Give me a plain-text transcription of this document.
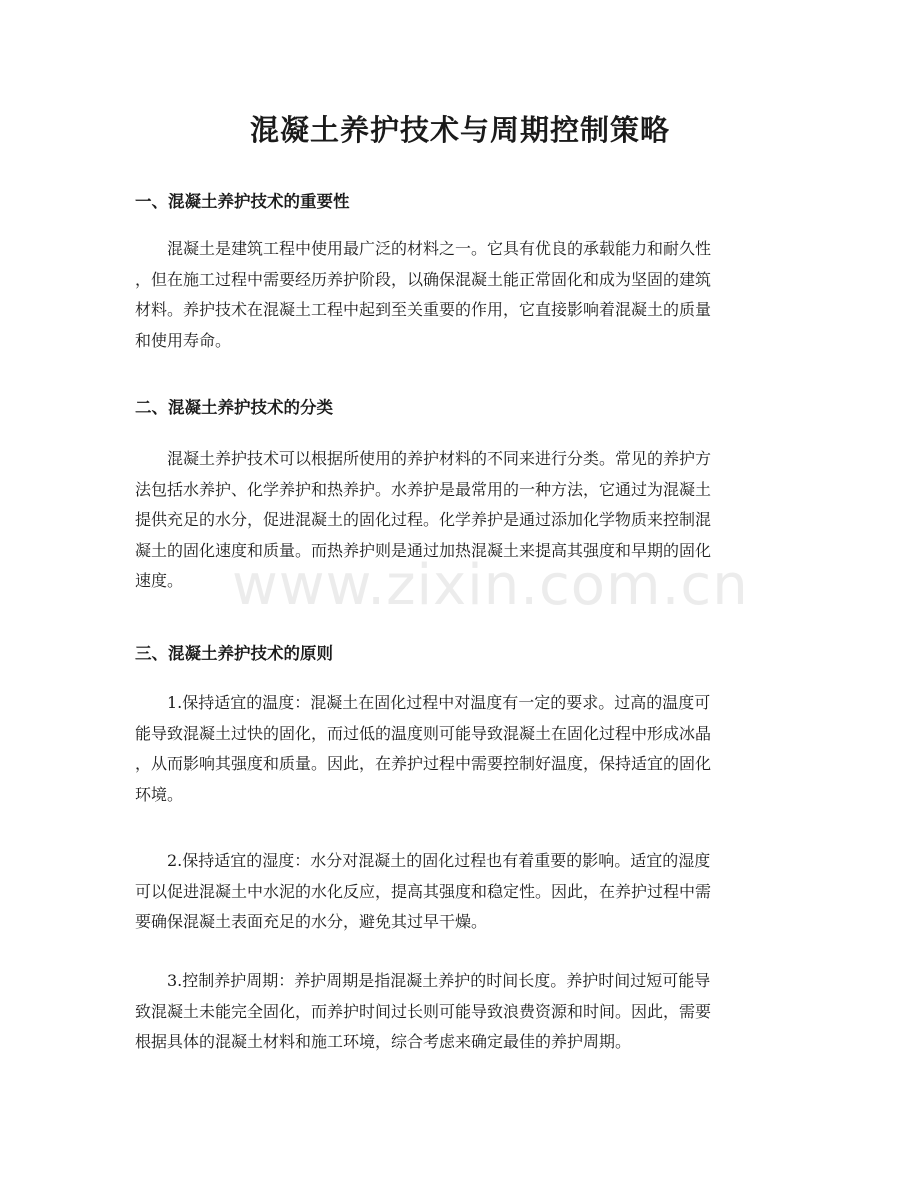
www.zixin.com.cn
混凝土养护技术与周期控制策略
一、混凝土养护技术的重要性
混凝土是建筑工程中使用最广泛的材料之一。它具有优良的承载能力和耐久性
，但在施工过程中需要经历养护阶段，以确保混凝土能正常固化和成为坚固的建筑
材料。养护技术在混凝土工程中起到至关重要的作用，它直接影响着混凝土的质量
和使用寿命。
二、混凝土养护技术的分类
混凝土养护技术可以根据所使用的养护材料的不同来进行分类。常见的养护方
法包括水养护、化学养护和热养护。水养护是最常用的一种方法，它通过为混凝土
提供充足的水分，促进混凝土的固化过程。化学养护是通过添加化学物质来控制混
凝土的固化速度和质量。而热养护则是通过加热混凝土来提高其强度和早期的固化
速度。
三、混凝土养护技术的原则
1.保持适宜的温度：混凝土在固化过程中对温度有一定的要求。过高的温度可
能导致混凝土过快的固化，而过低的温度则可能导致混凝土在固化过程中形成冰晶
，从而影响其强度和质量。因此，在养护过程中需要控制好温度，保持适宜的固化
环境。
2.保持适宜的湿度：水分对混凝土的固化过程也有着重要的影响。适宜的湿度
可以促进混凝土中水泥的水化反应，提高其强度和稳定性。因此，在养护过程中需
要确保混凝土表面充足的水分，避免其过早干燥。
3.控制养护周期：养护周期是指混凝土养护的时间长度。养护时间过短可能导
致混凝土未能完全固化，而养护时间过长则可能导致浪费资源和时间。因此，需要
根据具体的混凝土材料和施工环境，综合考虑来确定最佳的养护周期。
